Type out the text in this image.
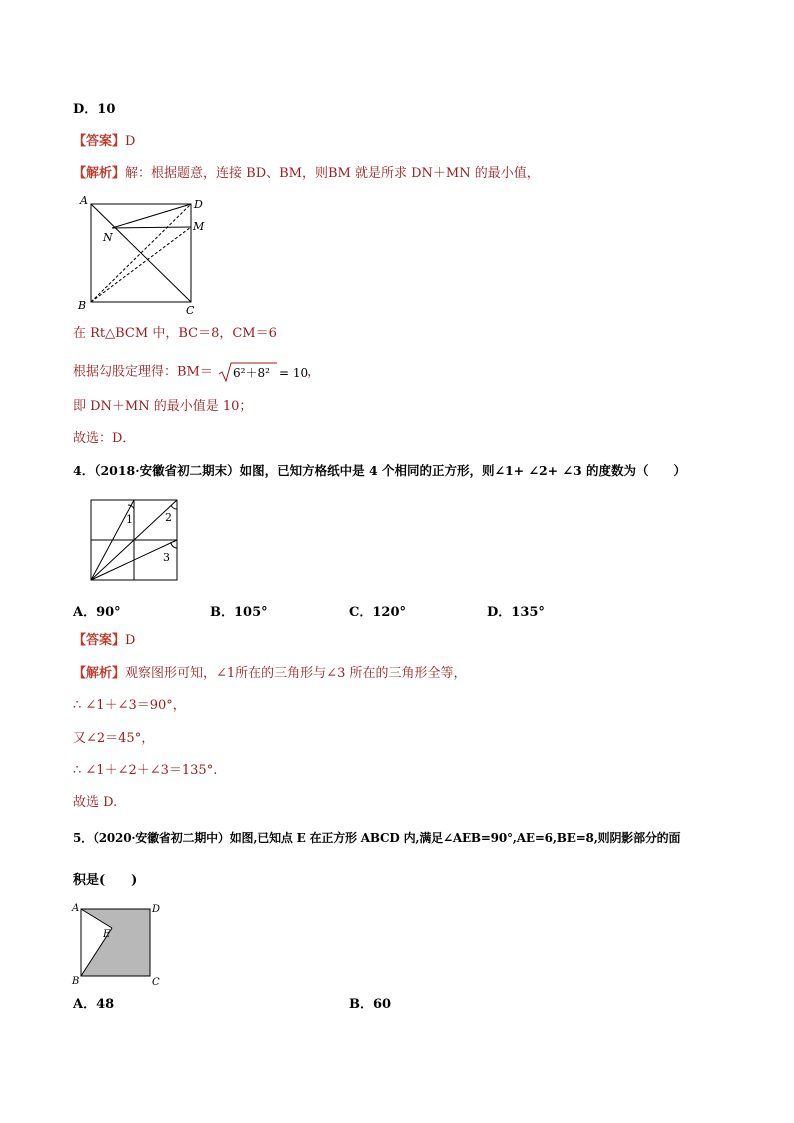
D．10
【答案】D
【解析】解：根据题意，连接 BD、BM，则BM 就是所求 DN＋MN 的最小值，
A
B	C
D
M
N
在 Rt△BCM 中，BC＝8，CM＝6
根据勾股定理得：BM＝ 6²＋8² = 10 ，
即 DN＋MN 的最小值是 10；
故选：D．
4．（2018·安徽省初二期末）如图，已知方格纸中是 4 个相同的正方形，则∠1+ ∠2+ ∠3 的度数为（　　）
1	2
3
A．90°	B．105°	C．120°	D．135°
【答案】D
【解析】观察图形可知，∠1所在的三角形与∠3 所在的三角形全等，
∴ ∠1＋∠3＝90°，
又∠2＝45°，
∴ ∠1＋∠2＋∠3＝135°.
故选 D.
5．（2020·安徽省初二期中）如图,已知点 E 在正方形 ABCD 内,满足∠AEB=90°,AE=6,BE=8,则阴影部分的面
积是(　　)
A
B	C
D
E
A．48	B．60
